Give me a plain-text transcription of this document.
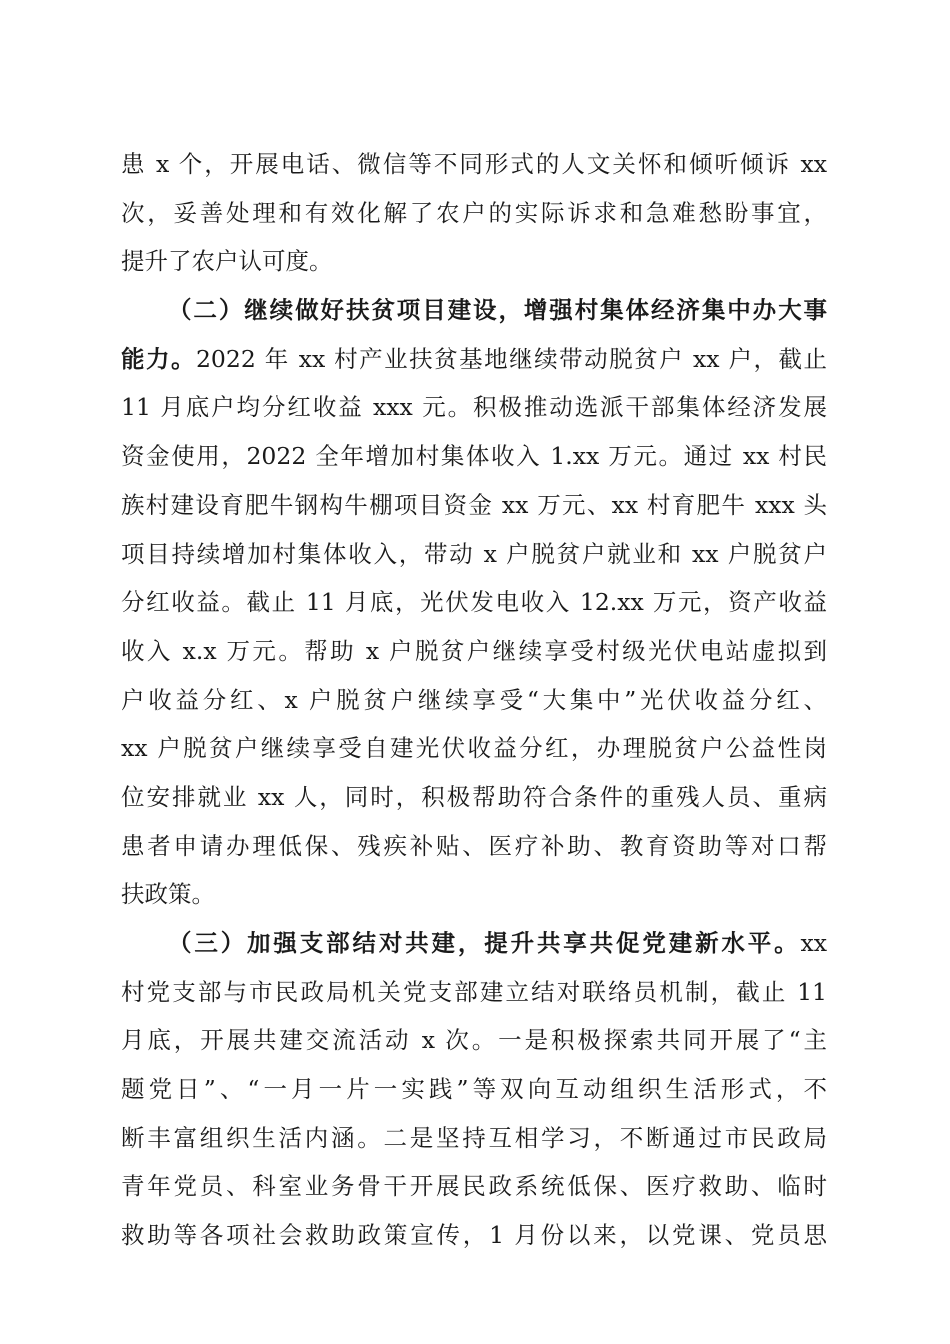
患 x 个，开展电话、微信等不同形式的人文关怀和倾听倾诉 xx
次，妥善处理和有效化解了农户的实际诉求和急难愁盼事宜，
提升了农户认可度。
（二）继续做好扶贫项目建设，增强村集体经济集中办大事
能力。2022 年 xx 村产业扶贫基地继续带动脱贫户 xx 户，截止
11 月底户均分红收益 xxx 元。积极推动选派干部集体经济发展
资金使用，2022 全年增加村集体收入 1.xx 万元。通过 xx 村民
族村建设育肥牛钢构牛棚项目资金 xx 万元、xx 村育肥牛 xxx 头
项目持续增加村集体收入，带动 x 户脱贫户就业和 xx 户脱贫户
分红收益。截止 11 月底，光伏发电收入 12.xx 万元，资产收益
收入 x.x 万元。帮助 x 户脱贫户继续享受村级光伏电站虚拟到
户收益分红、x 户脱贫户继续享受“大集中”光伏收益分红、
xx 户脱贫户继续享受自建光伏收益分红，办理脱贫户公益性岗
位安排就业 xx 人，同时，积极帮助符合条件的重残人员、重病
患者申请办理低保、残疾补贴、医疗补助、教育资助等对口帮
扶政策。
（三）加强支部结对共建，提升共享共促党建新水平。xx
村党支部与市民政局机关党支部建立结对联络员机制，截止 11
月底，开展共建交流活动 x 次。一是积极探索共同开展了“主
题党日”、“一月一片一实践”等双向互动组织生活形式，不
断丰富组织生活内涵。二是坚持互相学习，不断通过市民政局
青年党员、科室业务骨干开展民政系统低保、医疗救助、临时
救助等各项社会救助政策宣传，1 月份以来，以党课、党员思
